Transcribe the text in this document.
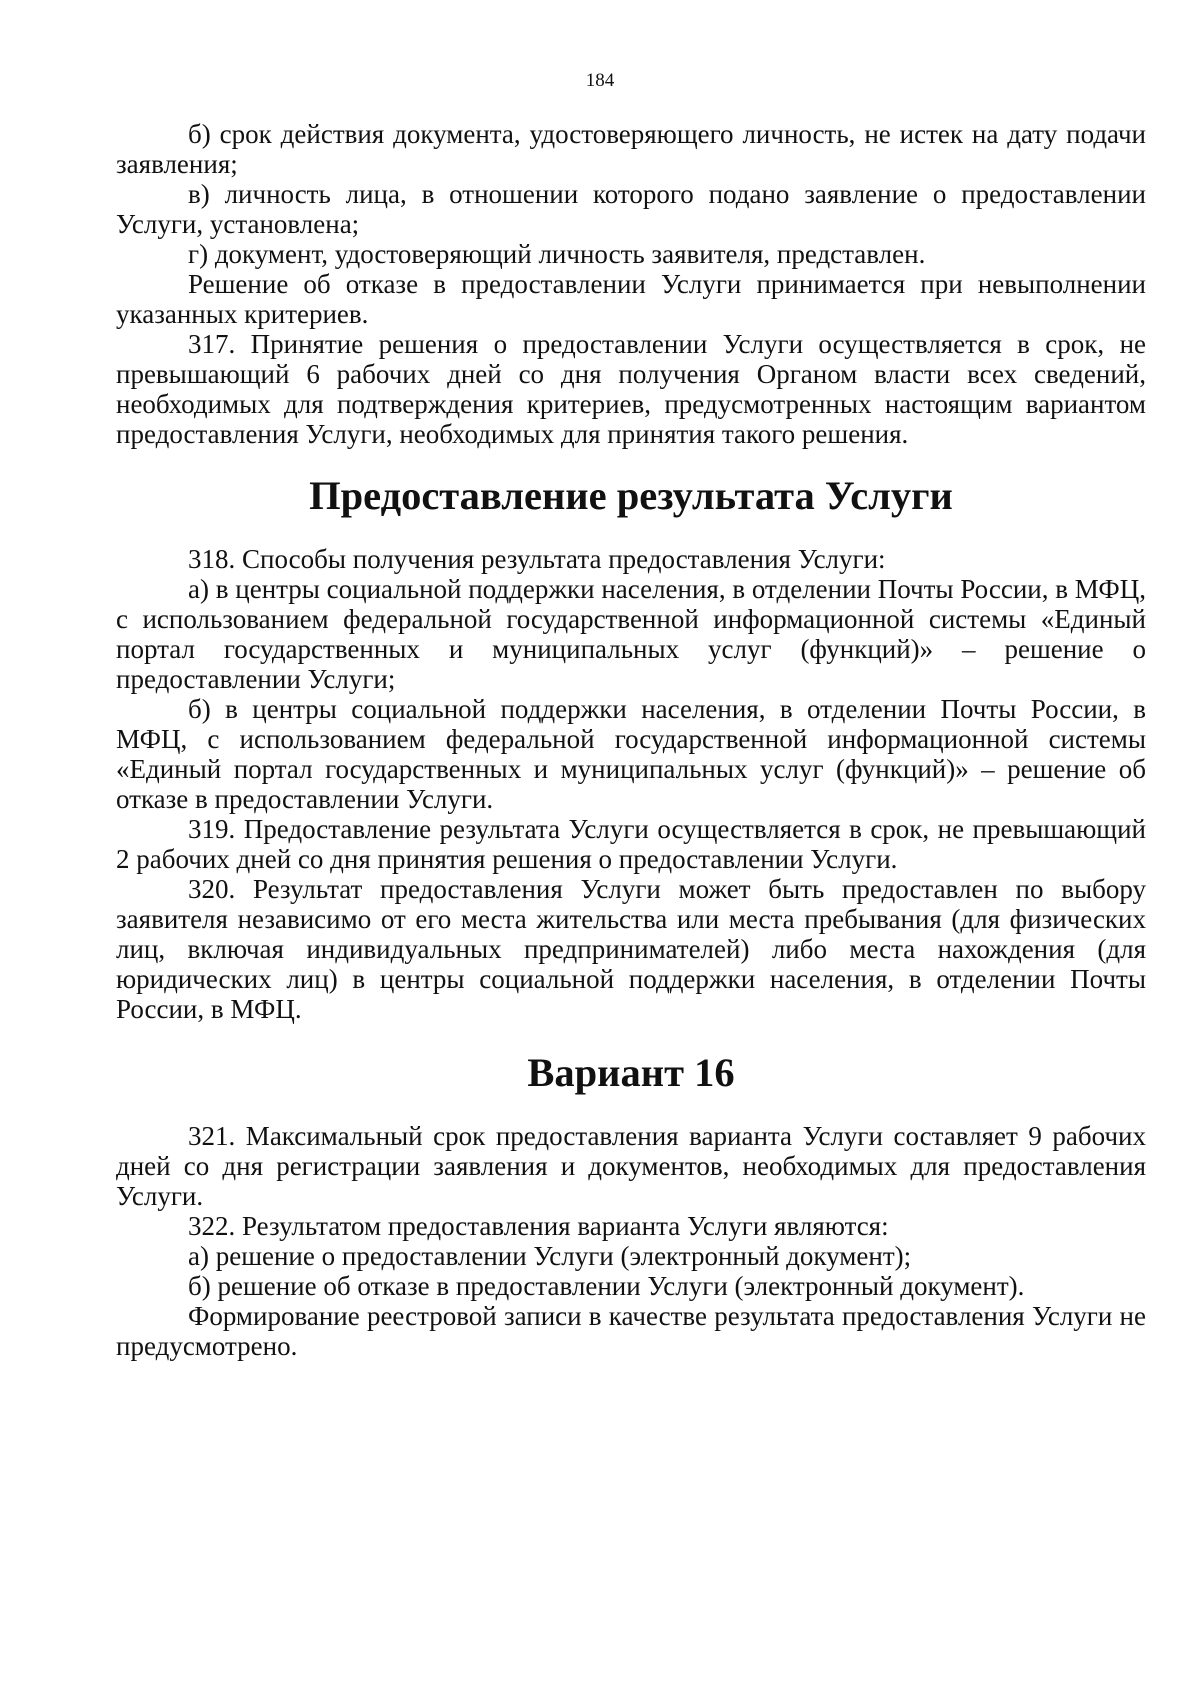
184

б) срок действия документа, удостоверяющего личность, не истек на дату подачи заявления;

в) личность лица, в отношении которого подано заявление о предоставлении Услуги, установлена;

г) документ, удостоверяющий личность заявителя, представлен.

Решение об отказе в предоставлении Услуги принимается при невыполнении указанных критериев.

317. Принятие решения о предоставлении Услуги осуществляется в срок, не превышающий 6 рабочих дней со дня получения Органом власти всех сведений, необходимых для подтверждения критериев, предусмотренных настоящим вариантом предоставления Услуги, необходимых для принятия такого решения.

Предоставление результата Услуги

318. Способы получения результата предоставления Услуги:

а) в центры социальной поддержки населения, в отделении Почты России, в МФЦ, с использованием федеральной государственной информационной системы «Единый портал государственных и муниципальных услуг (функций)» – решение о предоставлении Услуги;

б) в центры социальной поддержки населения, в отделении Почты России, в МФЦ, с использованием федеральной государственной информационной системы «Единый портал государственных и муниципальных услуг (функций)» – решение об отказе в предоставлении Услуги.

319. Предоставление результата Услуги осуществляется в срок, не превышающий 2 рабочих дней со дня принятия решения о предоставлении Услуги.

320. Результат предоставления Услуги может быть предоставлен по выбору заявителя независимо от его места жительства или места пребывания (для физических лиц, включая индивидуальных предпринимателей) либо места нахождения (для юридических лиц) в центры социальной поддержки населения, в отделении Почты России, в МФЦ.

Вариант 16

321. Максимальный срок предоставления варианта Услуги составляет 9 рабочих дней со дня регистрации заявления и документов, необходимых для предоставления Услуги.

322. Результатом предоставления варианта Услуги являются:

а) решение о предоставлении Услуги (электронный документ);

б) решение об отказе в предоставлении Услуги (электронный документ).

Формирование реестровой записи в качестве результата предоставления Услуги не предусмотрено.
